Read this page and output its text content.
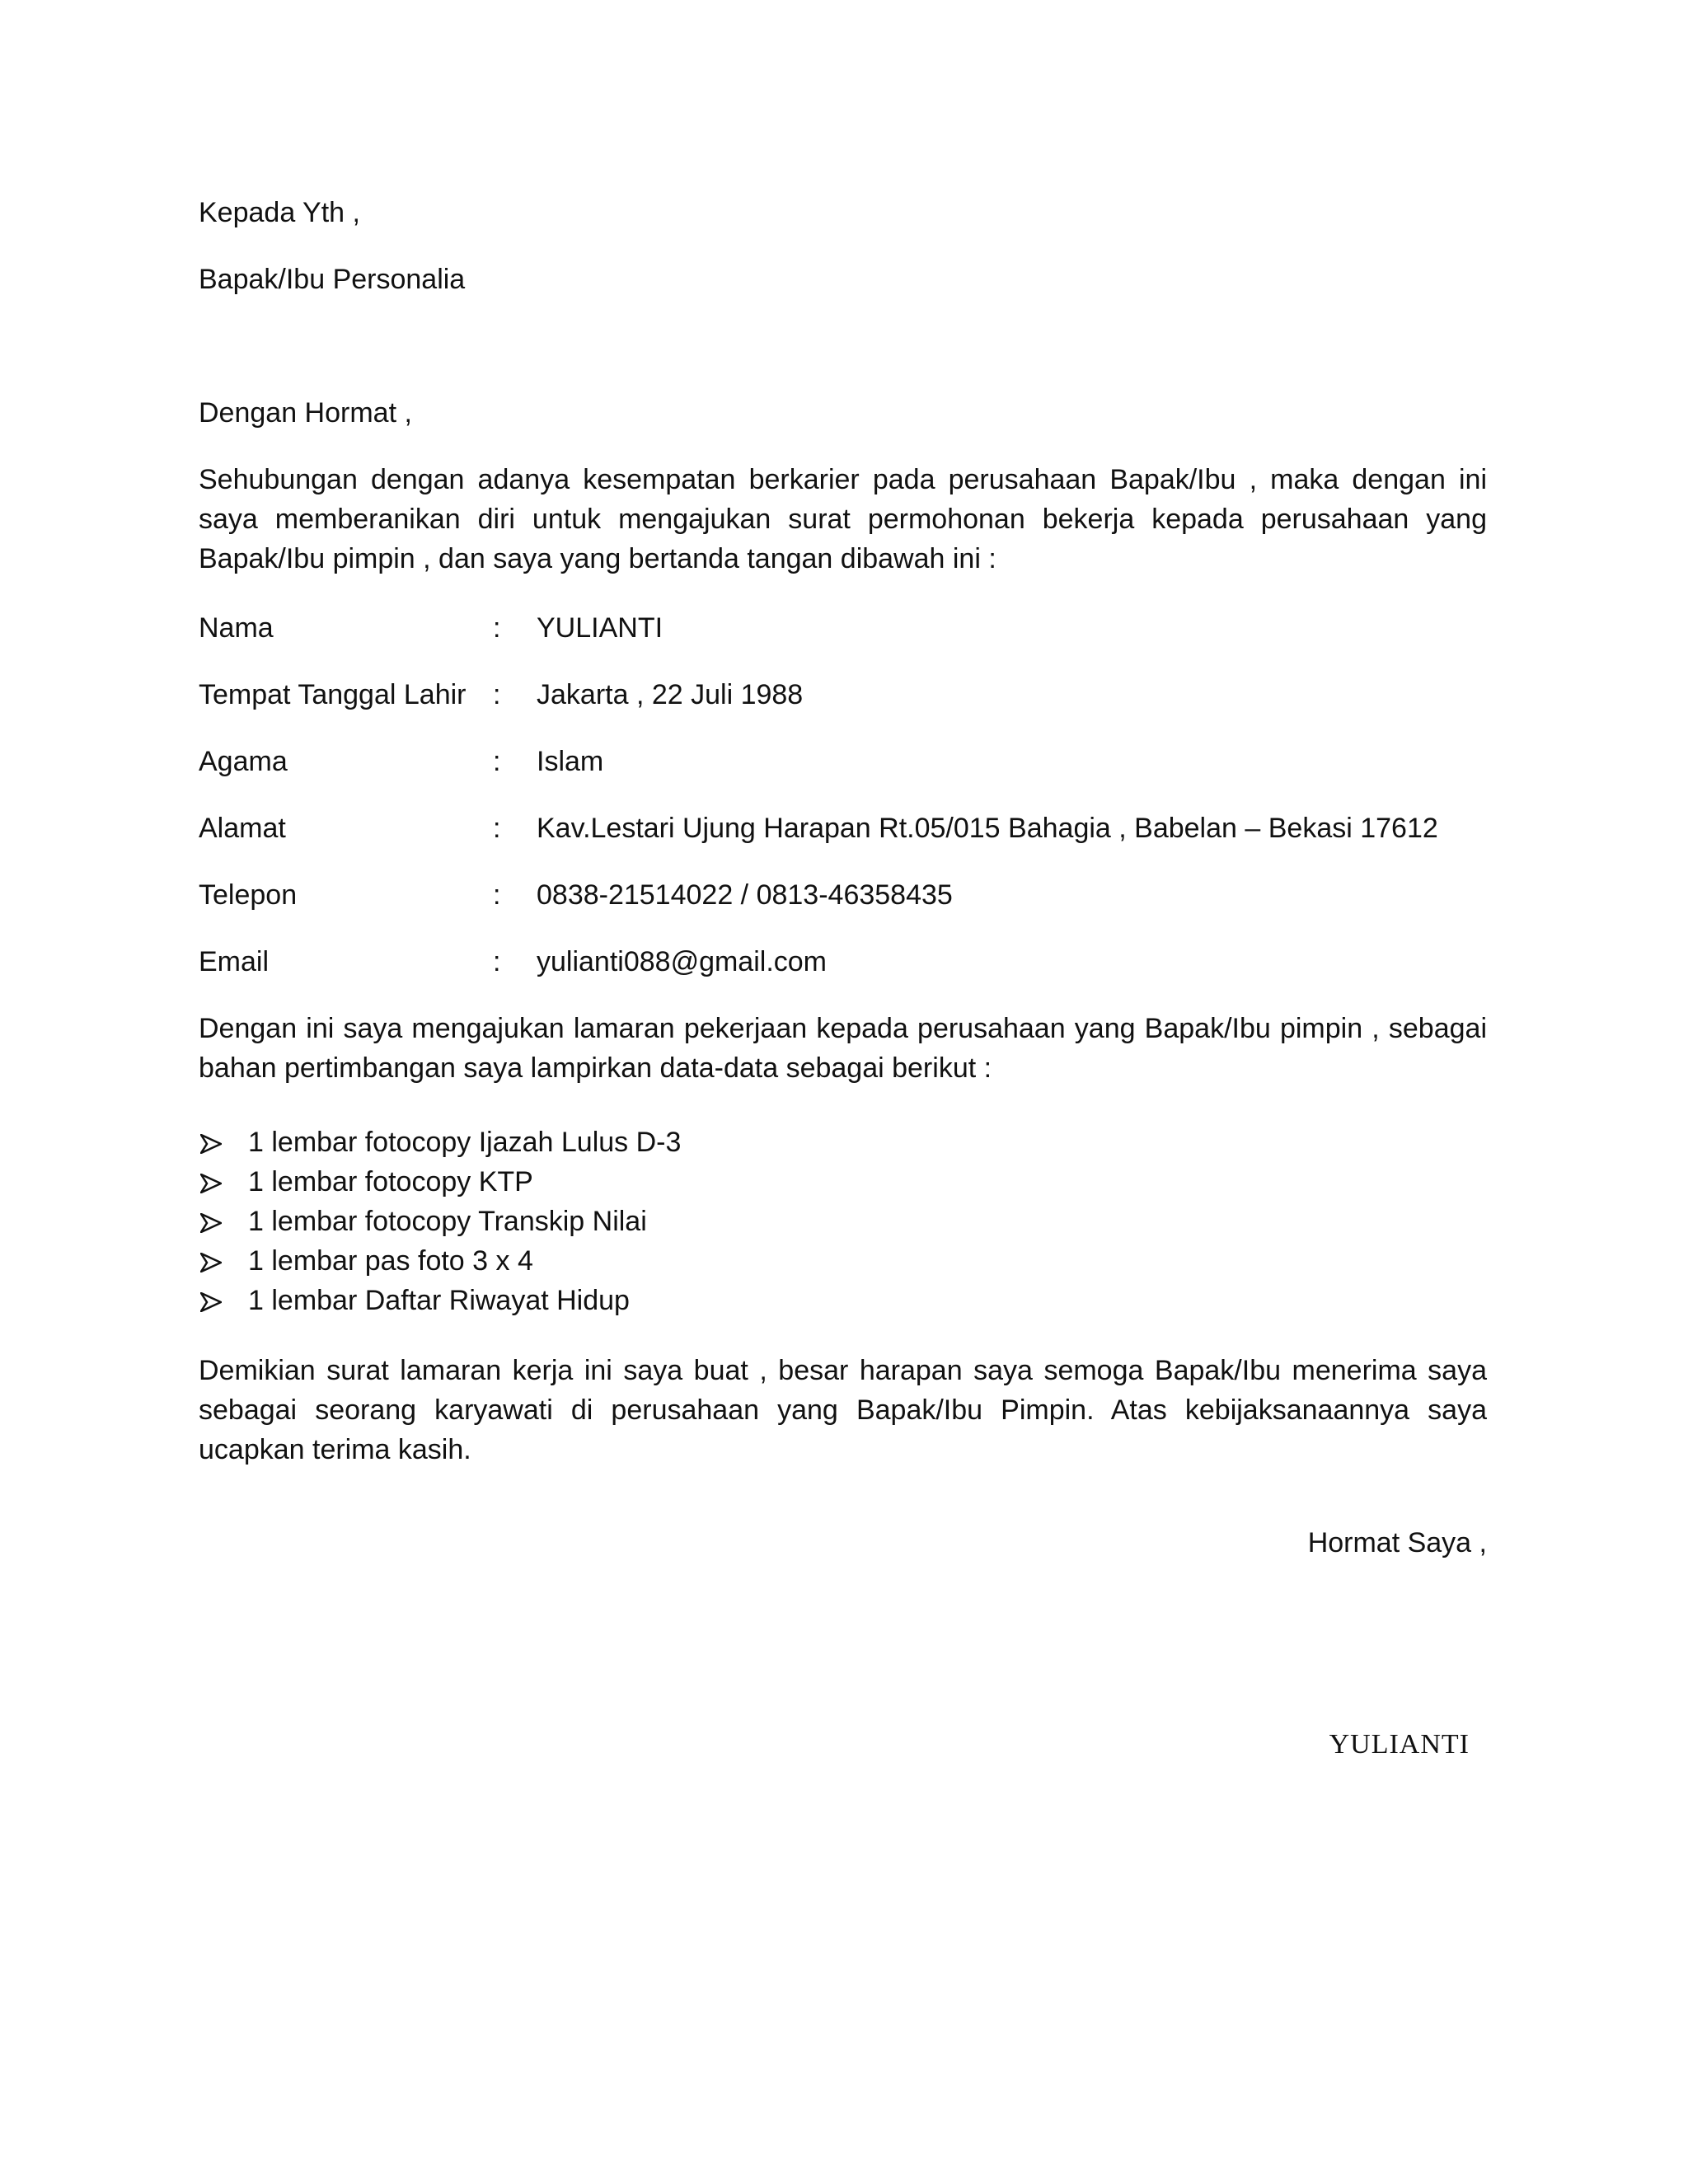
Kepada Yth ,
Bapak/Ibu Personalia
Dengan Hormat ,
Sehubungan dengan adanya kesempatan berkarier pada perusahaan Bapak/Ibu , maka dengan ini saya memberanikan diri untuk mengajukan surat permohonan bekerja kepada perusahaan yang Bapak/Ibu pimpin , dan saya yang bertanda tangan dibawah ini :
Nama	: YULIANTI
Tempat Tanggal Lahir : Jakarta , 22 Juli 1988
Agama	: Islam
Alamat	: Kav.Lestari Ujung Harapan Rt.05/015 Bahagia , Babelan – Bekasi 17612
Telepon	: 0838-21514022 / 0813-46358435
Email	: yulianti088@gmail.com
Dengan ini saya mengajukan lamaran pekerjaan kepada perusahaan yang Bapak/Ibu pimpin , sebagai bahan pertimbangan saya lampirkan data-data sebagai berikut :
1 lembar fotocopy Ijazah Lulus D-3
1 lembar fotocopy KTP
1 lembar fotocopy Transkip Nilai
1 lembar pas foto 3 x 4
1 lembar Daftar Riwayat Hidup
Demikian surat lamaran kerja ini saya buat , besar harapan saya semoga Bapak/Ibu menerima saya sebagai seorang karyawati di perusahaan yang Bapak/Ibu Pimpin. Atas kebijaksanaannya saya ucapkan terima kasih.
Hormat Saya ,
YULIANTI
